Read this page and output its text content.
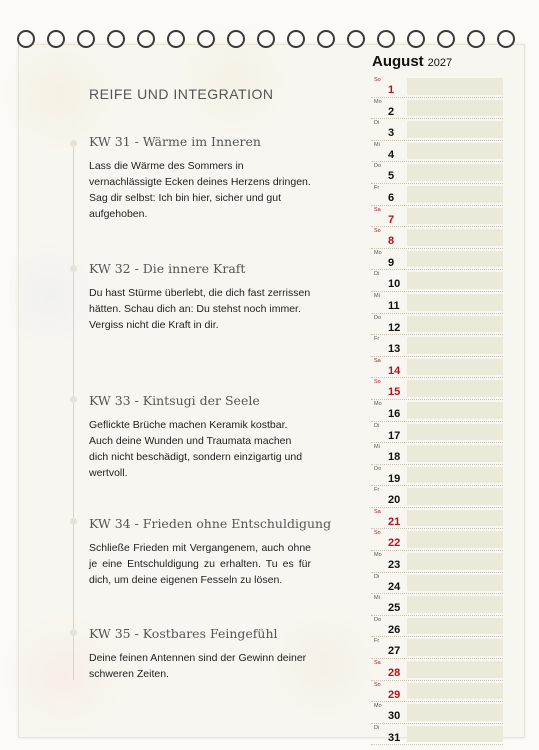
REIFE UND INTEGRATION
KW 31 - Wärme im Inneren
Lass die Wärme des Sommers in vernachlässigte Ecken deines Herzens dringen. Sag dir selbst: Ich bin hier, sicher und gut aufgehoben.
KW 32 - Die innere Kraft
Du hast Stürme überlebt, die dich fast zerrissen hätten. Schau dich an: Du stehst noch immer. Vergiss nicht die Kraft in dir.
KW 33 - Kintsugi der Seele
Geflickte Brüche machen Keramik kostbar. Auch deine Wunden und Traumata machen dich nicht beschädigt, sondern einzigartig und wertvoll.
KW 34 - Frieden ohne Entschuldigung
Schließe Frieden mit Vergangenem, auch ohne je eine Entschuldigung zu erhalten. Tu es für dich, um deine eigenen Fesseln zu lösen.
KW 35 - Kostbares Feingefühl
Deine feinen Antennen sind der Gewinn deiner schweren Zeiten.
August 2027
So
1
Mo
2
Di
3
Mi
4
Do
5
Fr
6
Sa
7
So
8
Mo
9
Di
10
Mi
11
Do
12
Fr
13
Sa
14
So
15
Mo
16
Di
17
Mi
18
Do
19
Fr
20
Sa
21
So
22
Mo
23
Di
24
Mi
25
Do
26
Fr
27
Sa
28
So
29
Mo
30
Di
31
